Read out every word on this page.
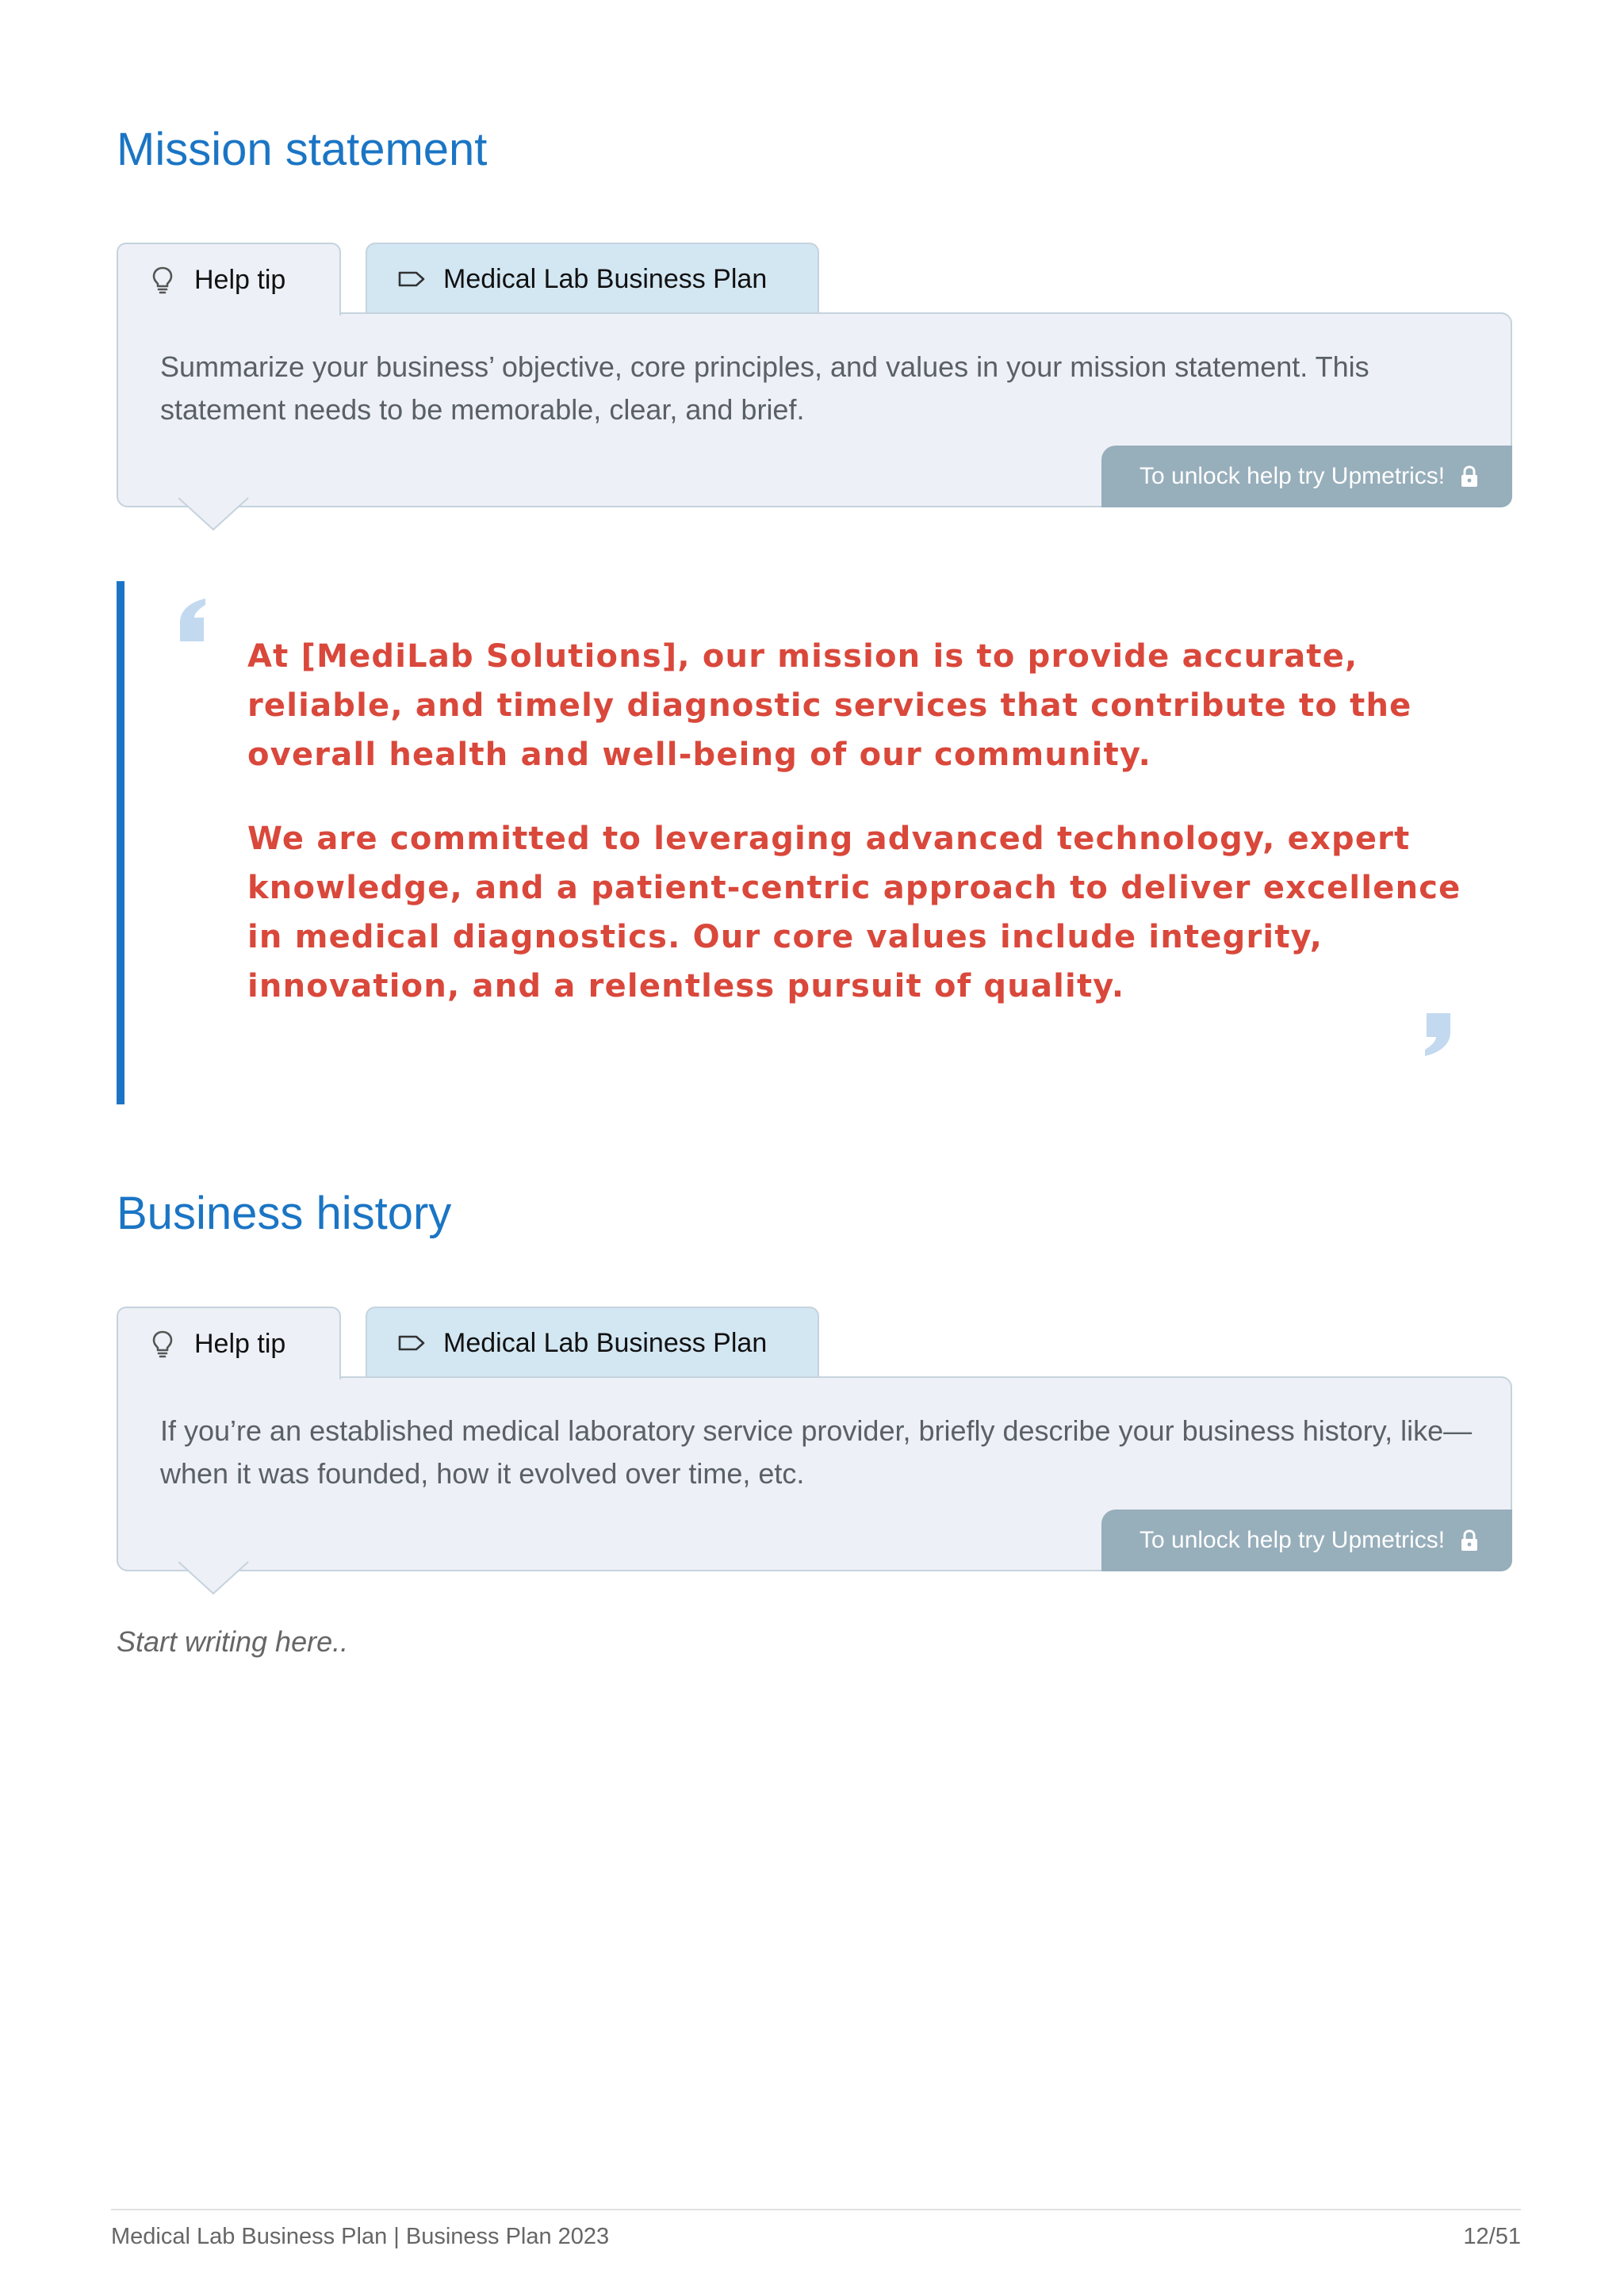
Mission statement
Help tip	Medical Lab Business Plan

Summarize your business’ objective, core principles, and values in your mission statement. This statement needs to be memorable, clear, and brief.

To unlock help try Upmetrics!

At [MediLab Solutions], our mission is to provide accurate, reliable, and timely diagnostic services that contribute to the overall health and well-being of our community.

We are committed to leveraging advanced technology, expert knowledge, and a patient-centric approach to deliver excellence in medical diagnostics. Our core values include integrity, innovation, and a relentless pursuit of quality.

Business history
Help tip	Medical Lab Business Plan

If you’re an established medical laboratory service provider, briefly describe your business history, like—when it was founded, how it evolved over time, etc.

To unlock help try Upmetrics!

Start writing here..

Medical Lab Business Plan | Business Plan 2023	12/51
